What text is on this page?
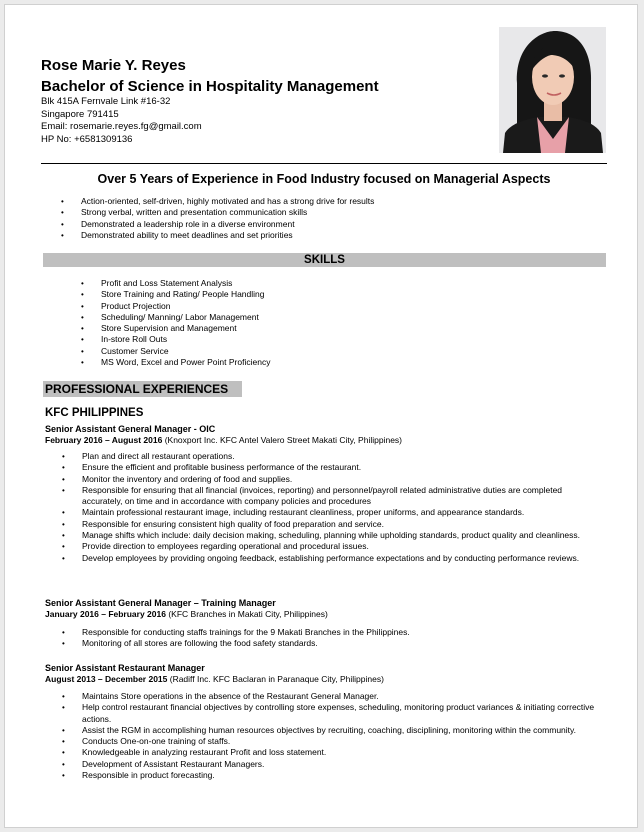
Rose Marie Y. Reyes
Bachelor of Science in Hospitality Management
Blk 415A Fernvale Link #16-32
Singapore 791415
Email: rosemarie.reyes.fg@gmail.com
HP No: +6581309136
Over 5 Years of Experience in Food Industry focused on Managerial Aspects
• Action-oriented, self-driven, highly motivated and has a strong drive for results
• Strong verbal, written and presentation communication skills
• Demonstrated a leadership role in a diverse environment
• Demonstrated ability to meet deadlines and set priorities
SKILLS
• Profit and Loss Statement Analysis
• Store Training and Rating/ People Handling
• Product Projection
• Scheduling/ Manning/ Labor Management
• Store Supervision and Management
• In-store Roll Outs
• Customer Service
• MS Word, Excel and Power Point Proficiency
PROFESSIONAL EXPERIENCES
KFC PHILIPPINES
Senior Assistant General Manager - OIC
February 2016 – August 2016 (Knoxport Inc. KFC Antel Valero Street Makati City, Philippines)
• Plan and direct all restaurant operations.
• Ensure the efficient and profitable business performance of the restaurant.
• Monitor the inventory and ordering of food and supplies.
• Responsible for ensuring that all financial (invoices, reporting) and personnel/payroll related administrative duties are completed accurately, on time and in accordance with company policies and procedures
• Maintain professional restaurant image, including restaurant cleanliness, proper uniforms, and appearance standards.
• Responsible for ensuring consistent high quality of food preparation and service.
• Manage shifts which include: daily decision making, scheduling, planning while upholding standards, product quality and cleanliness.
• Provide direction to employees regarding operational and procedural issues.
• Develop employees by providing ongoing feedback, establishing performance expectations and by conducting performance reviews.
Senior Assistant General Manager – Training Manager
January 2016 – February 2016 (KFC Branches in Makati City, Philippines)
• Responsible for conducting staffs trainings for the 9 Makati Branches in the Philippines.
• Monitoring of all stores are following the food safety standards.
Senior Assistant Restaurant Manager
August 2013 – December 2015 (Radiff Inc. KFC Baclaran in Paranaque City, Philippines)
• Maintains Store operations in the absence of the Restaurant General Manager.
• Help control restaurant financial objectives by controlling store expenses, scheduling, monitoring product variances & initiating corrective actions.
• Assist the RGM in accomplishing human resources objectives by recruiting, coaching, disciplining, monitoring within the community.
• Conducts One-on-one training of staffs.
• Knowledgeable in analyzing restaurant Profit and loss statement.
• Development of Assistant Restaurant Managers.
• Responsible in product forecasting.
